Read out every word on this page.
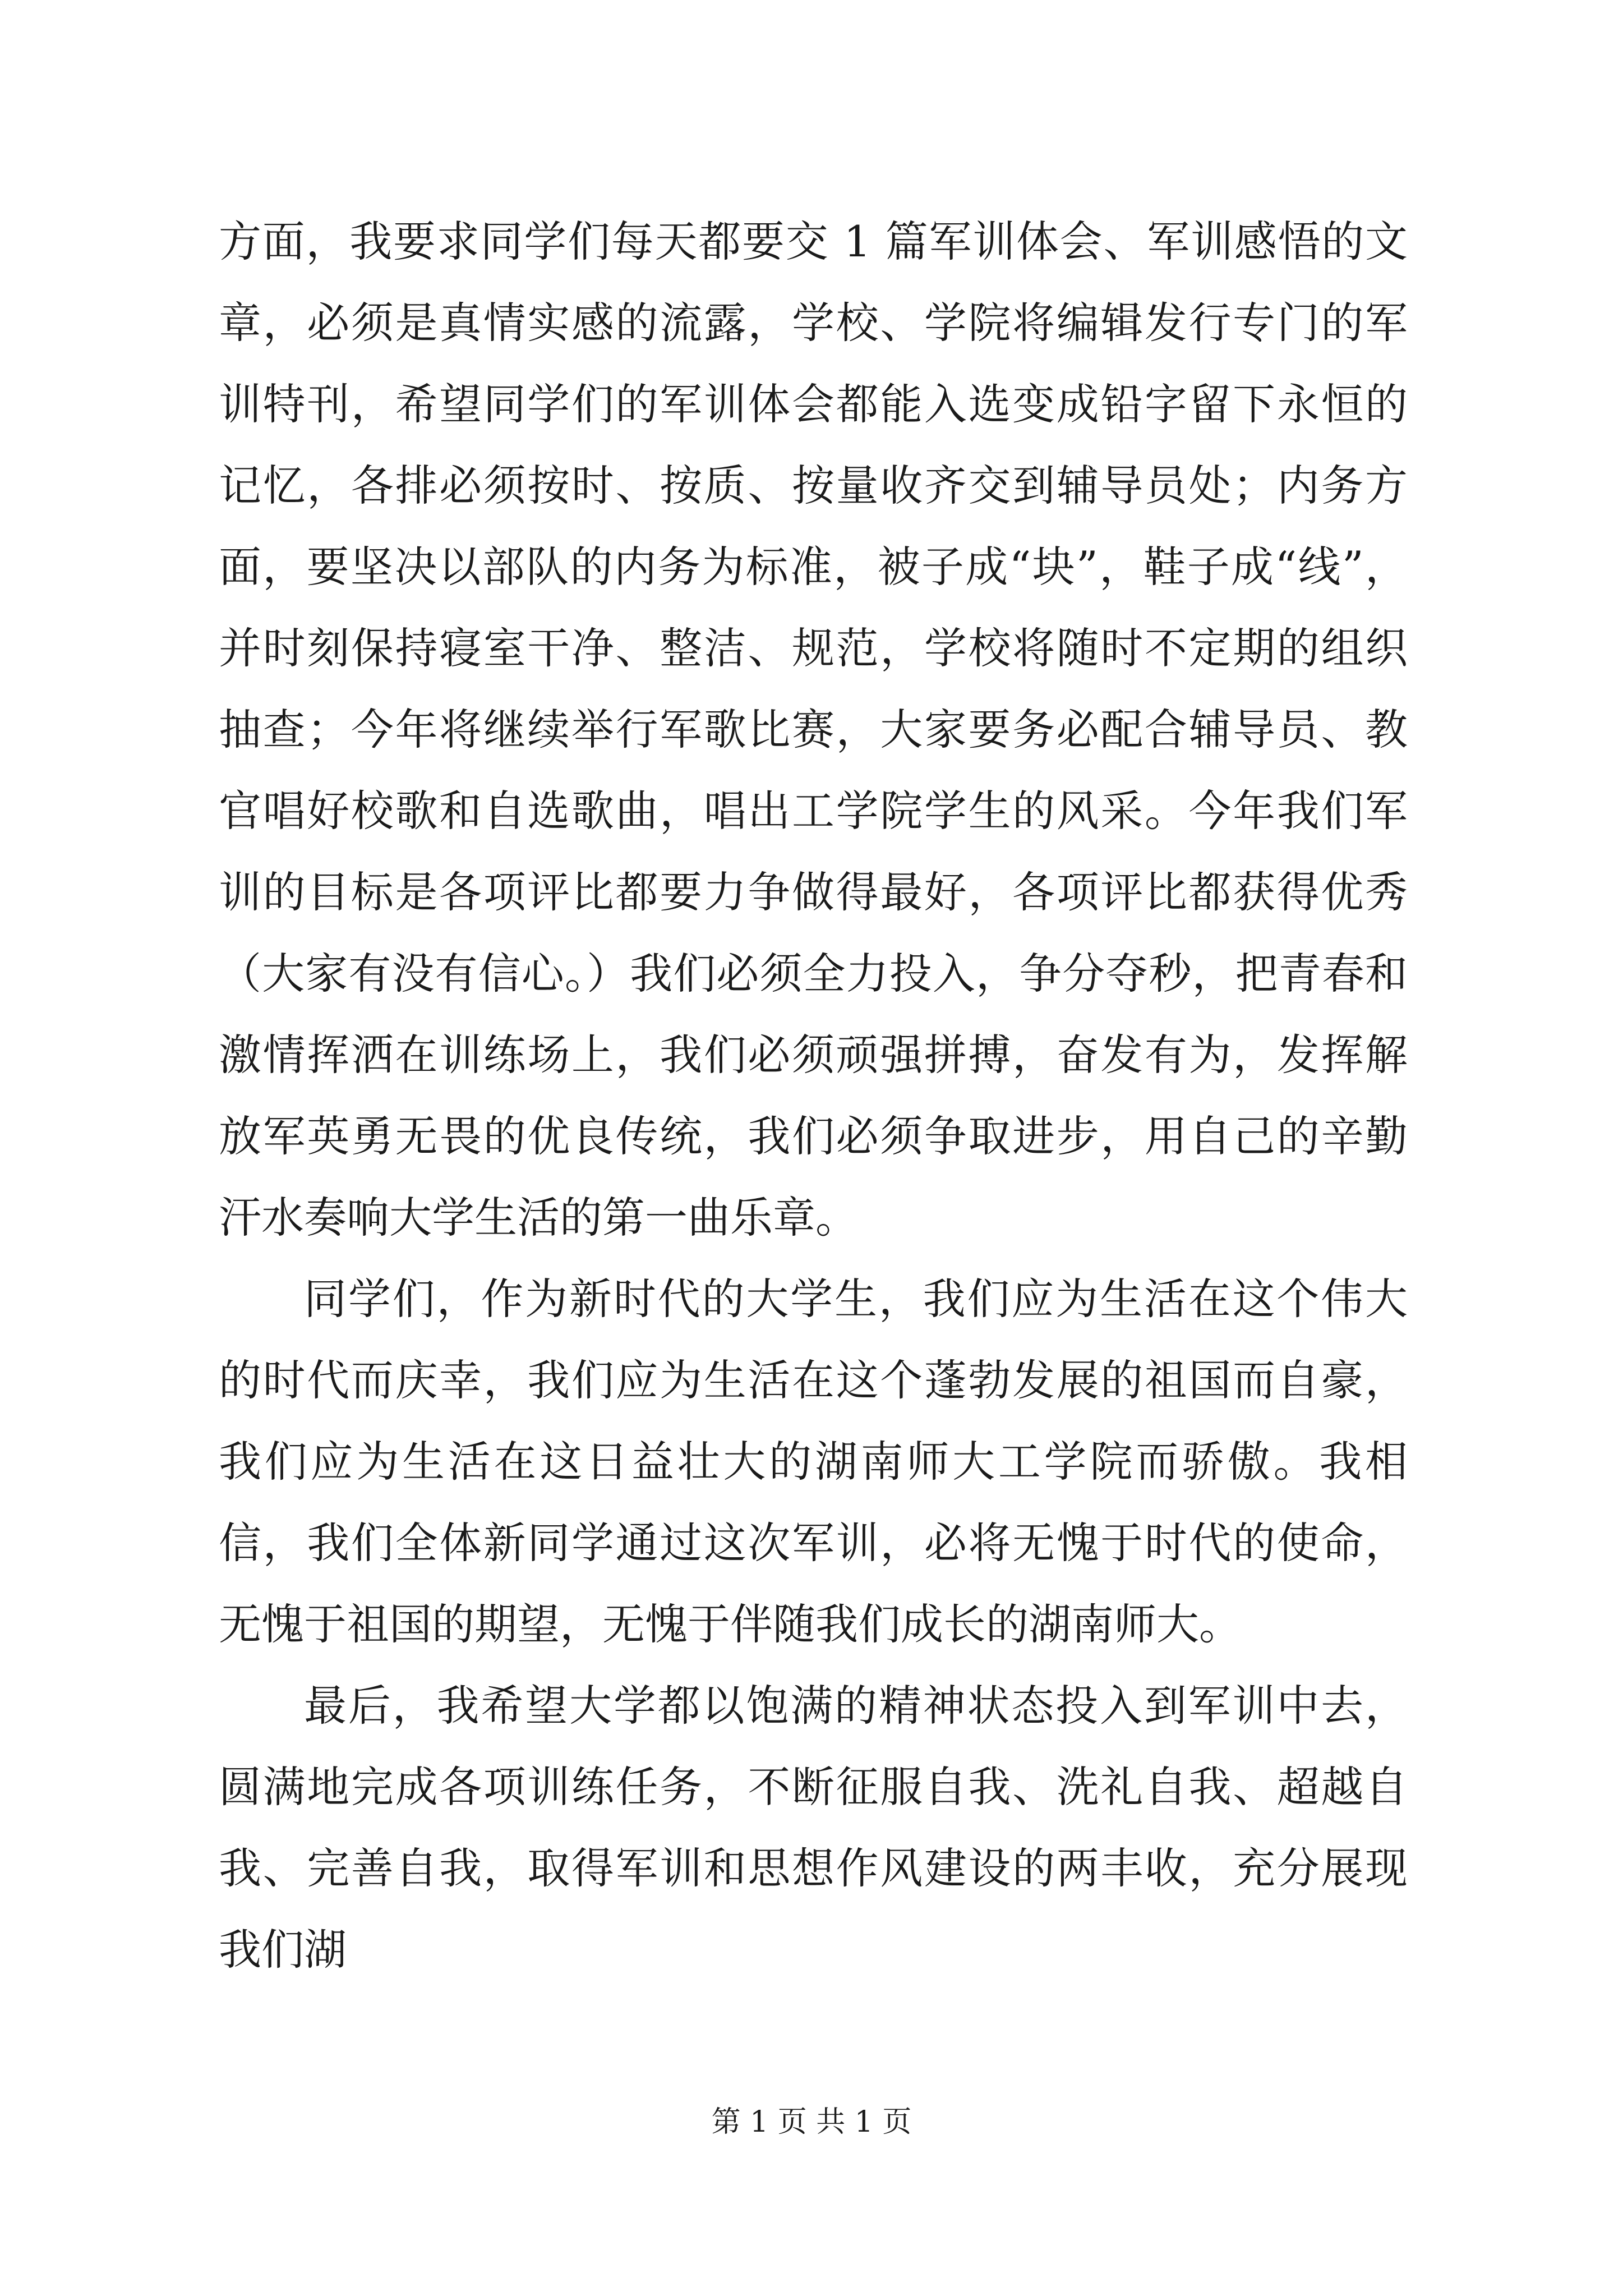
方面，我要求同学们每天都要交 1 篇军训体会、军训感悟的文章，必须是真情实感的流露，学校、学院将编辑发行专门的军训特刊，希望同学们的军训体会都能入选变成铅字留下永恒的记忆，各排必须按时、按质、按量收齐交到辅导员处；内务方面，要坚决以部队的内务为标准，被子成“块”，鞋子成“线”，并时刻保持寝室干净、整洁、规范，学校将随时不定期的组织抽查；今年将继续举行军歌比赛，大家要务必配合辅导员、教官唱好校歌和自选歌曲，唱出工学院学生的风采。今年我们军训的目标是各项评比都要力争做得最好，各项评比都获得优秀（大家有没有信心。）我们必须全力投入，争分夺秒，把青春和激情挥洒在训练场上，我们必须顽强拼搏，奋发有为，发挥解放军英勇无畏的优良传统，我们必须争取进步，用自己的辛勤汗水奏响大学生活的第一曲乐章。

同学们，作为新时代的大学生，我们应为生活在这个伟大的时代而庆幸，我们应为生活在这个蓬勃发展的祖国而自豪，我们应为生活在这日益壮大的湖南师大工学院而骄傲。我相信，我们全体新同学通过这次军训，必将无愧于时代的使命，无愧于祖国的期望，无愧于伴随我们成长的湖南师大。

最后，我希望大学都以饱满的精神状态投入到军训中去，圆满地完成各项训练任务，不断征服自我、洗礼自我、超越自我、完善自我，取得军训和思想作风建设的两丰收，充分展现我们湖

第 1 页 共 1 页
